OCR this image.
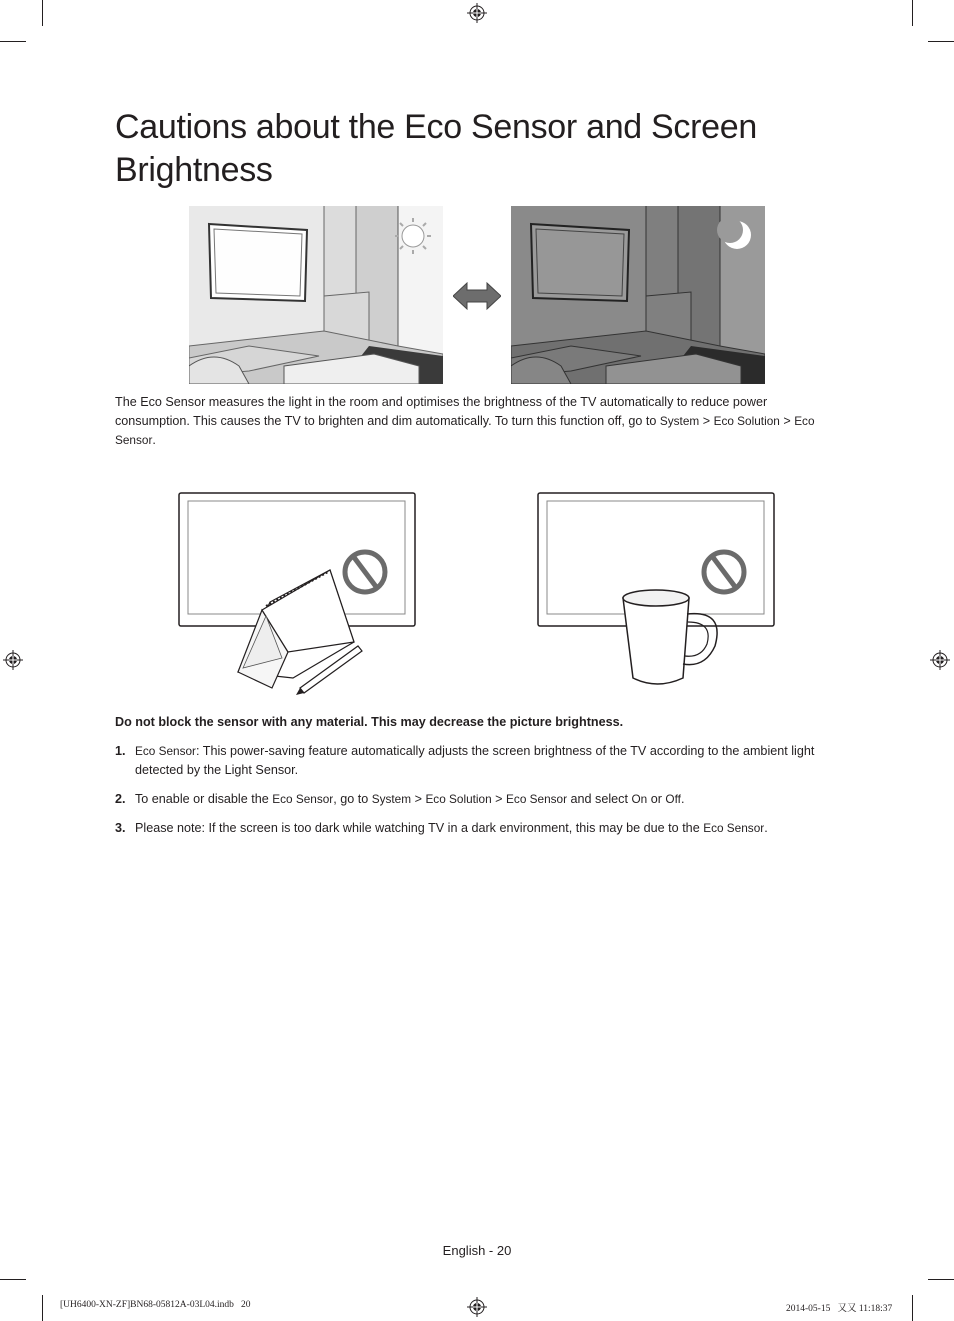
Cautions about the Eco Sensor and Screen Brightness

The Eco Sensor measures the light in the room and optimises the brightness of the TV automatically to reduce power consumption. This causes the TV to brighten and dim automatically. To turn this function off, go to System > Eco Solution > Eco Sensor.

Do not block the sensor with any material. This may decrease the picture brightness.

1. Eco Sensor: This power-saving feature automatically adjusts the screen brightness of the TV according to the ambient light detected by the Light Sensor.
2. To enable or disable the Eco Sensor, go to System > Eco Solution > Eco Sensor and select On or Off.
3. Please note: If the screen is too dark while watching TV in a dark environment, this may be due to the Eco Sensor.
English - 20
[UH6400-XN-ZF]BN68-05812A-03L04.indb   20	2014-05-15   又又 11:18:37
